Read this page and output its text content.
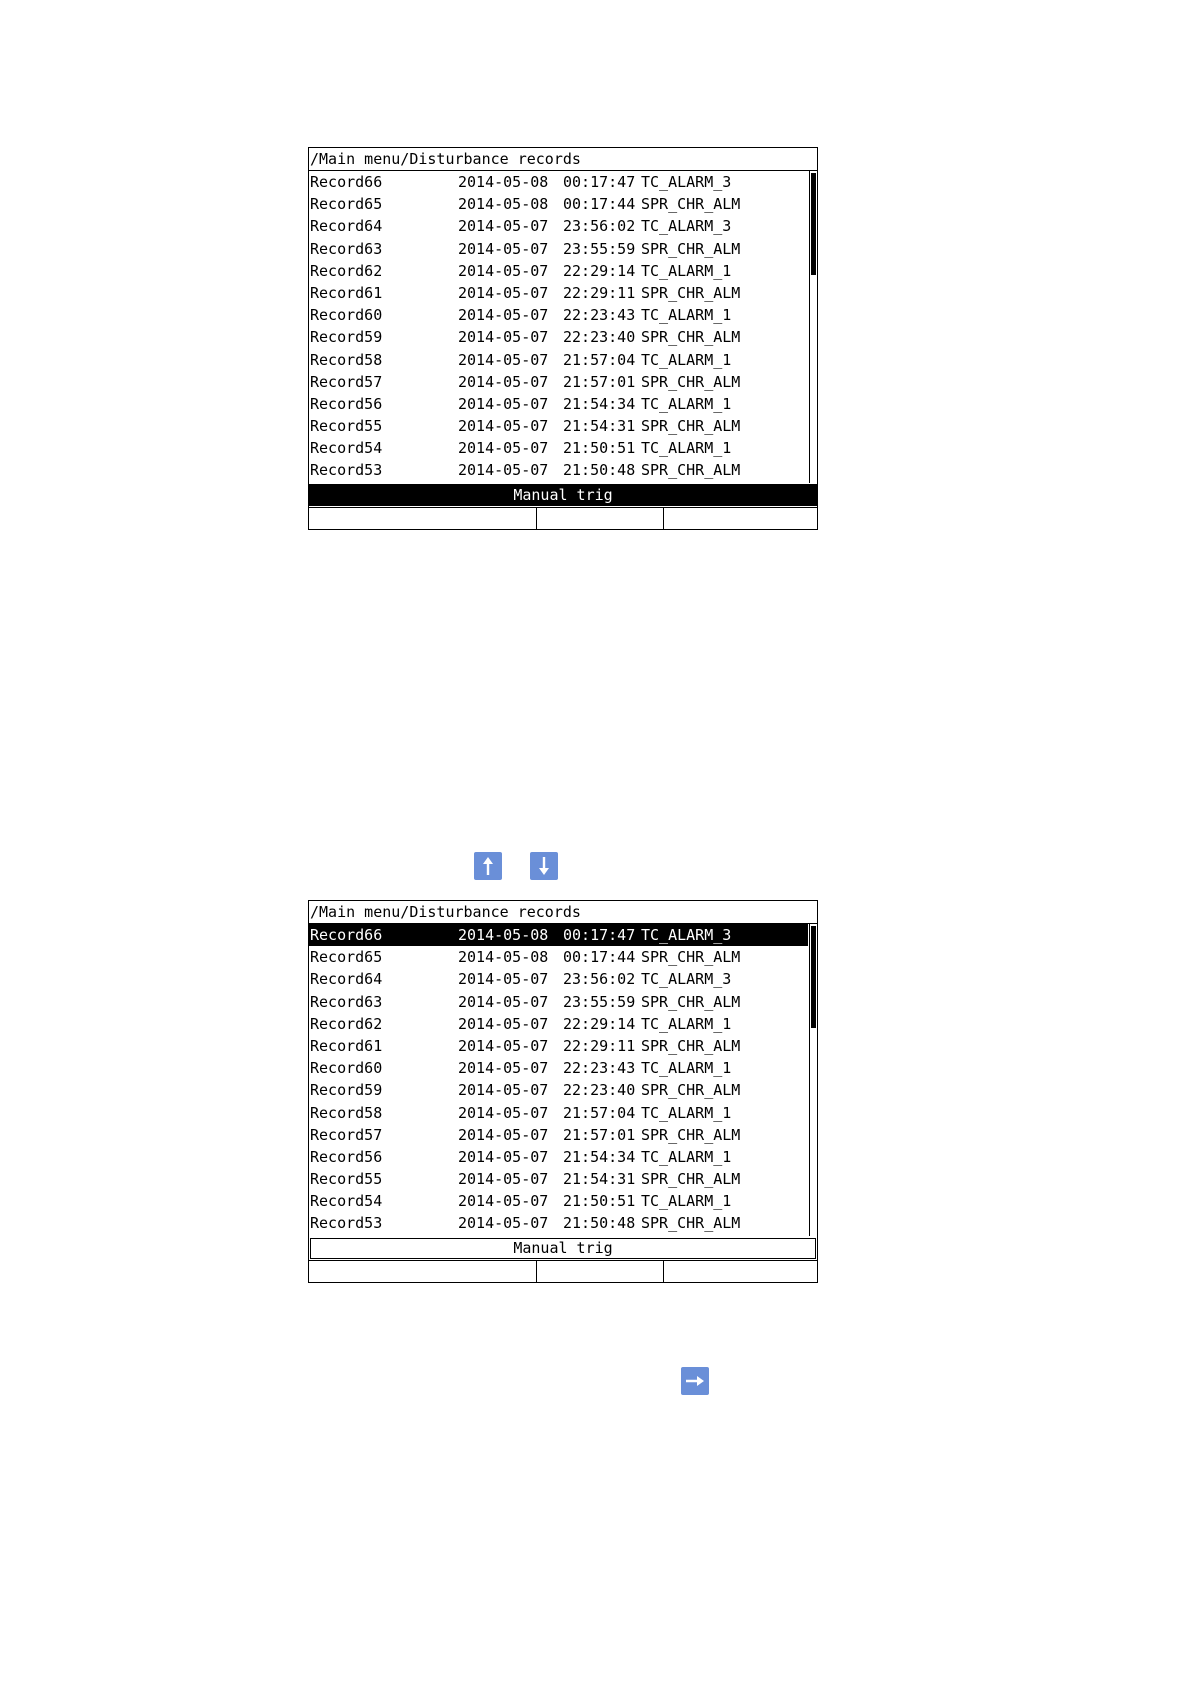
/Main menu/Disturbance records
Record66	2014-05-08 00:17:47 TC_ALARM_3
Record65	2014-05-08 00:17:44 SPR_CHR_ALM
Record64	2014-05-07 23:56:02 TC_ALARM_3
Record63	2014-05-07 23:55:59 SPR_CHR_ALM
Record62	2014-05-07 22:29:14 TC_ALARM_1
Record61	2014-05-07 22:29:11 SPR_CHR_ALM
Record60	2014-05-07 22:23:43 TC_ALARM_1
Record59	2014-05-07 22:23:40 SPR_CHR_ALM
Record58	2014-05-07 21:57:04 TC_ALARM_1
Record57	2014-05-07 21:57:01 SPR_CHR_ALM
Record56	2014-05-07 21:54:34 TC_ALARM_1
Record55	2014-05-07 21:54:31 SPR_CHR_ALM
Record54	2014-05-07 21:50:51 TC_ALARM_1
Record53	2014-05-07 21:50:48 SPR_CHR_ALM
Manual trig
/Main menu/Disturbance records
Record66	2014-05-08 00:17:47 TC_ALARM_3
Record65	2014-05-08 00:17:44 SPR_CHR_ALM
Record64	2014-05-07 23:56:02 TC_ALARM_3
Record63	2014-05-07 23:55:59 SPR_CHR_ALM
Record62	2014-05-07 22:29:14 TC_ALARM_1
Record61	2014-05-07 22:29:11 SPR_CHR_ALM
Record60	2014-05-07 22:23:43 TC_ALARM_1
Record59	2014-05-07 22:23:40 SPR_CHR_ALM
Record58	2014-05-07 21:57:04 TC_ALARM_1
Record57	2014-05-07 21:57:01 SPR_CHR_ALM
Record56	2014-05-07 21:54:34 TC_ALARM_1
Record55	2014-05-07 21:54:31 SPR_CHR_ALM
Record54	2014-05-07 21:50:51 TC_ALARM_1
Record53	2014-05-07 21:50:48 SPR_CHR_ALM
Manual trig
